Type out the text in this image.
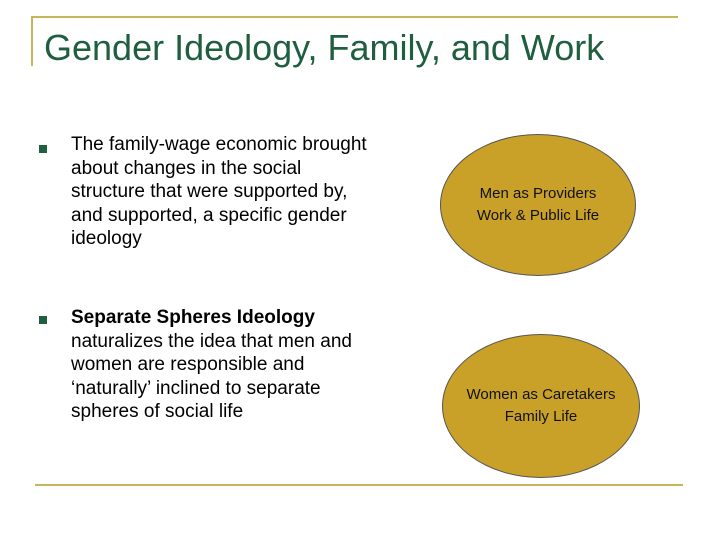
Gender Ideology, Family, and Work

The family-wage economic brought about changes in the social structure that were supported by, and supported, a specific gender ideology

Separate Spheres Ideology naturalizes the idea that men and women are responsible and ‘naturally’ inclined to separate spheres of social life

Men as Providers
Work & Public Life
Women as Caretakers
Family Life
